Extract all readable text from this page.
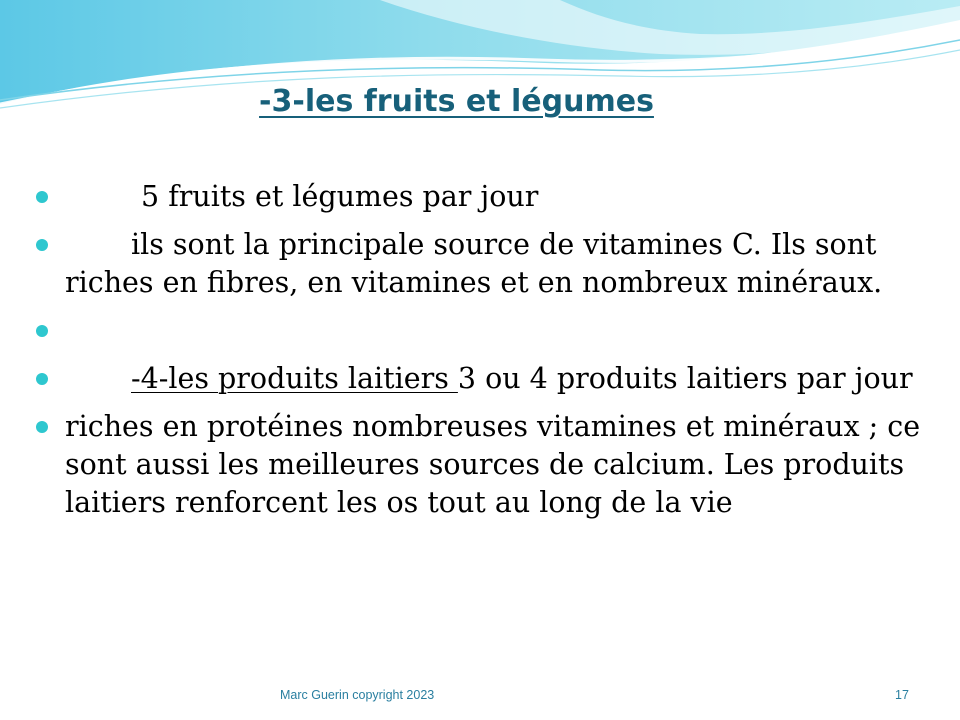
-3-les fruits et légumes
5 fruits et légumes par jour
ils sont la principale source de vitamines C. Ils sont riches en fibres, en vitamines et en nombreux minéraux.
-4-les produits laitiers 3 ou 4 produits laitiers par jour
riches en protéines nombreuses vitamines et minéraux ; ce sont aussi les meilleures sources de calcium. Les produits laitiers renforcent les os tout au long de la vie
Marc Guerin copyright 2023	17
